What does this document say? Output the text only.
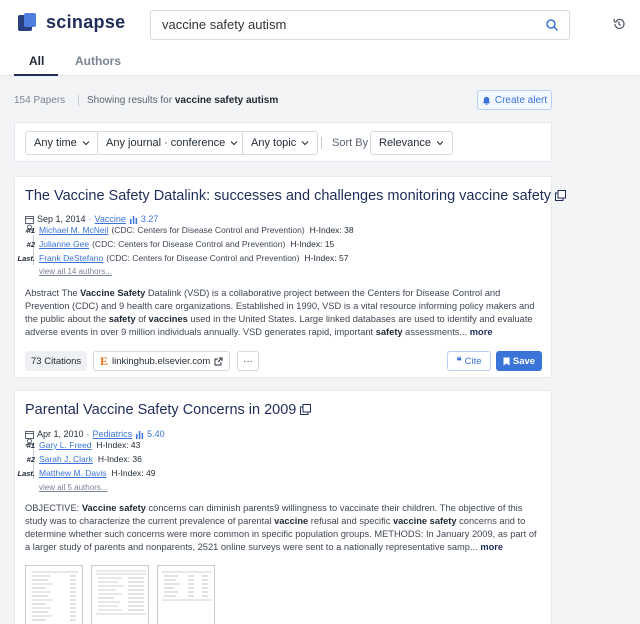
scinapse
vaccine safety autism
All	Authors
154 Papers	Showing results for vaccine safety autism	Create alert
Any time	Any journal · conference Any topic	Sort By Relevance
The Vaccine Safety Datalink: successes and challenges monitoring vaccine safety
Sep 1, 2014 · Vaccine 3.27
#1 Michael M. McNeil (CDC: Centers for Disease Control and Prevention) H-Index: 38
#2 Julianne Gee (CDC: Centers for Disease Control and Prevention) H-Index: 15
Last. Frank DeStefano (CDC: Centers for Disease Control and Prevention) H-Index: 57
view all 14 authors...
Abstract The Vaccine Safety Datalink (VSD) is a collaborative project between the Centers for Disease Control and Prevention (CDC) and 9 health care organizations. Established in 1990, VSD is a vital resource informing policy makers and the public about the safety of vaccines used in the United States. Large linked databases are used to identify and evaluate adverse events in over 9 million individuals annually. VSD generates rapid, important safety assessments... more
73 Citations	E linkinghub.elsevier.com	···	❝ Cite	Save
Parental Vaccine Safety Concerns in 2009
Apr 1, 2010 · Pediatrics 5.40
#1 Gary L. Freed H-Index: 43
#2 Sarah J. Clark H-Index: 36
Last. Matthew M. Davis H-Index: 49
view all 5 authors...
OBJECTIVE: Vaccine safety concerns can diminish parents9 willingness to vaccinate their children. The objective of this study was to characterize the current prevalence of parental vaccine refusal and specific vaccine safety concerns and to determine whether such concerns were more common in specific population groups. METHODS: In January 2009, as part of a larger study of parents and nonparents, 2521 online surveys were sent to a nationally representative samp... more
